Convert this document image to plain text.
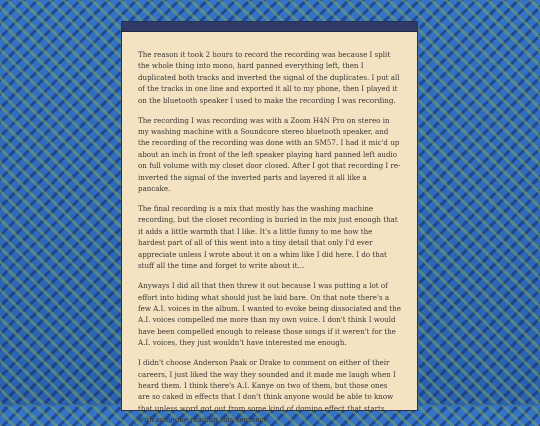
The reason it took 2 hours to record the recording was because I split the whole thing into mono, hard panned everything left, then I duplicated both tracks and inverted the signal of the duplicates. I put all of the tracks in one line and exported it all to my phone, then I played it on the bluetooth speaker I used to make the recording I was recording.

The recording I was recording was with a Zoom H4N Pro on stereo in my washing machine with a Soundcore stereo bluetooth speaker, and the recording of the recording was done with an SM57. I had it mic'd up about an inch in front of the left speaker playing hard panned left audio on full volume with my closet door closed. After I got that recording I re-inverted the signal of the inverted parts and layered it all like a pancake.

The final recording is a mix that mostly has the washing machine recording, but the closet recording is buried in the mix just enough that it adds a little warmth that I like. It's a little funny to me how the hardest part of all of this went into a tiny detail that only I'd ever appreciate unless I wrote about it on a whim like I did here. I do that stuff all the time and forget to write about it...

Anyways I did all that then threw it out because I was putting a lot of effort into hiding what should just be laid bare. On that note there's a few A.I. voices in the album. I wanted to evoke being dissociated and the A.I. voices compelled me more than my own voice. I don't think I would have been compelled enough to release those songs if it weren't for the A.I. voices, they just wouldn't have interested me enough.

I didn't choose Anderson Paak or Drake to comment on either of their careers, I just liked the way they sounded and it made me laugh when I heard them. I think there's A.I. Kanye on two of them, but those ones are so caked in effects that I don't think anyone would be able to know that unless word got out from some kind of domino effect that starts with someone reading this sentence.
